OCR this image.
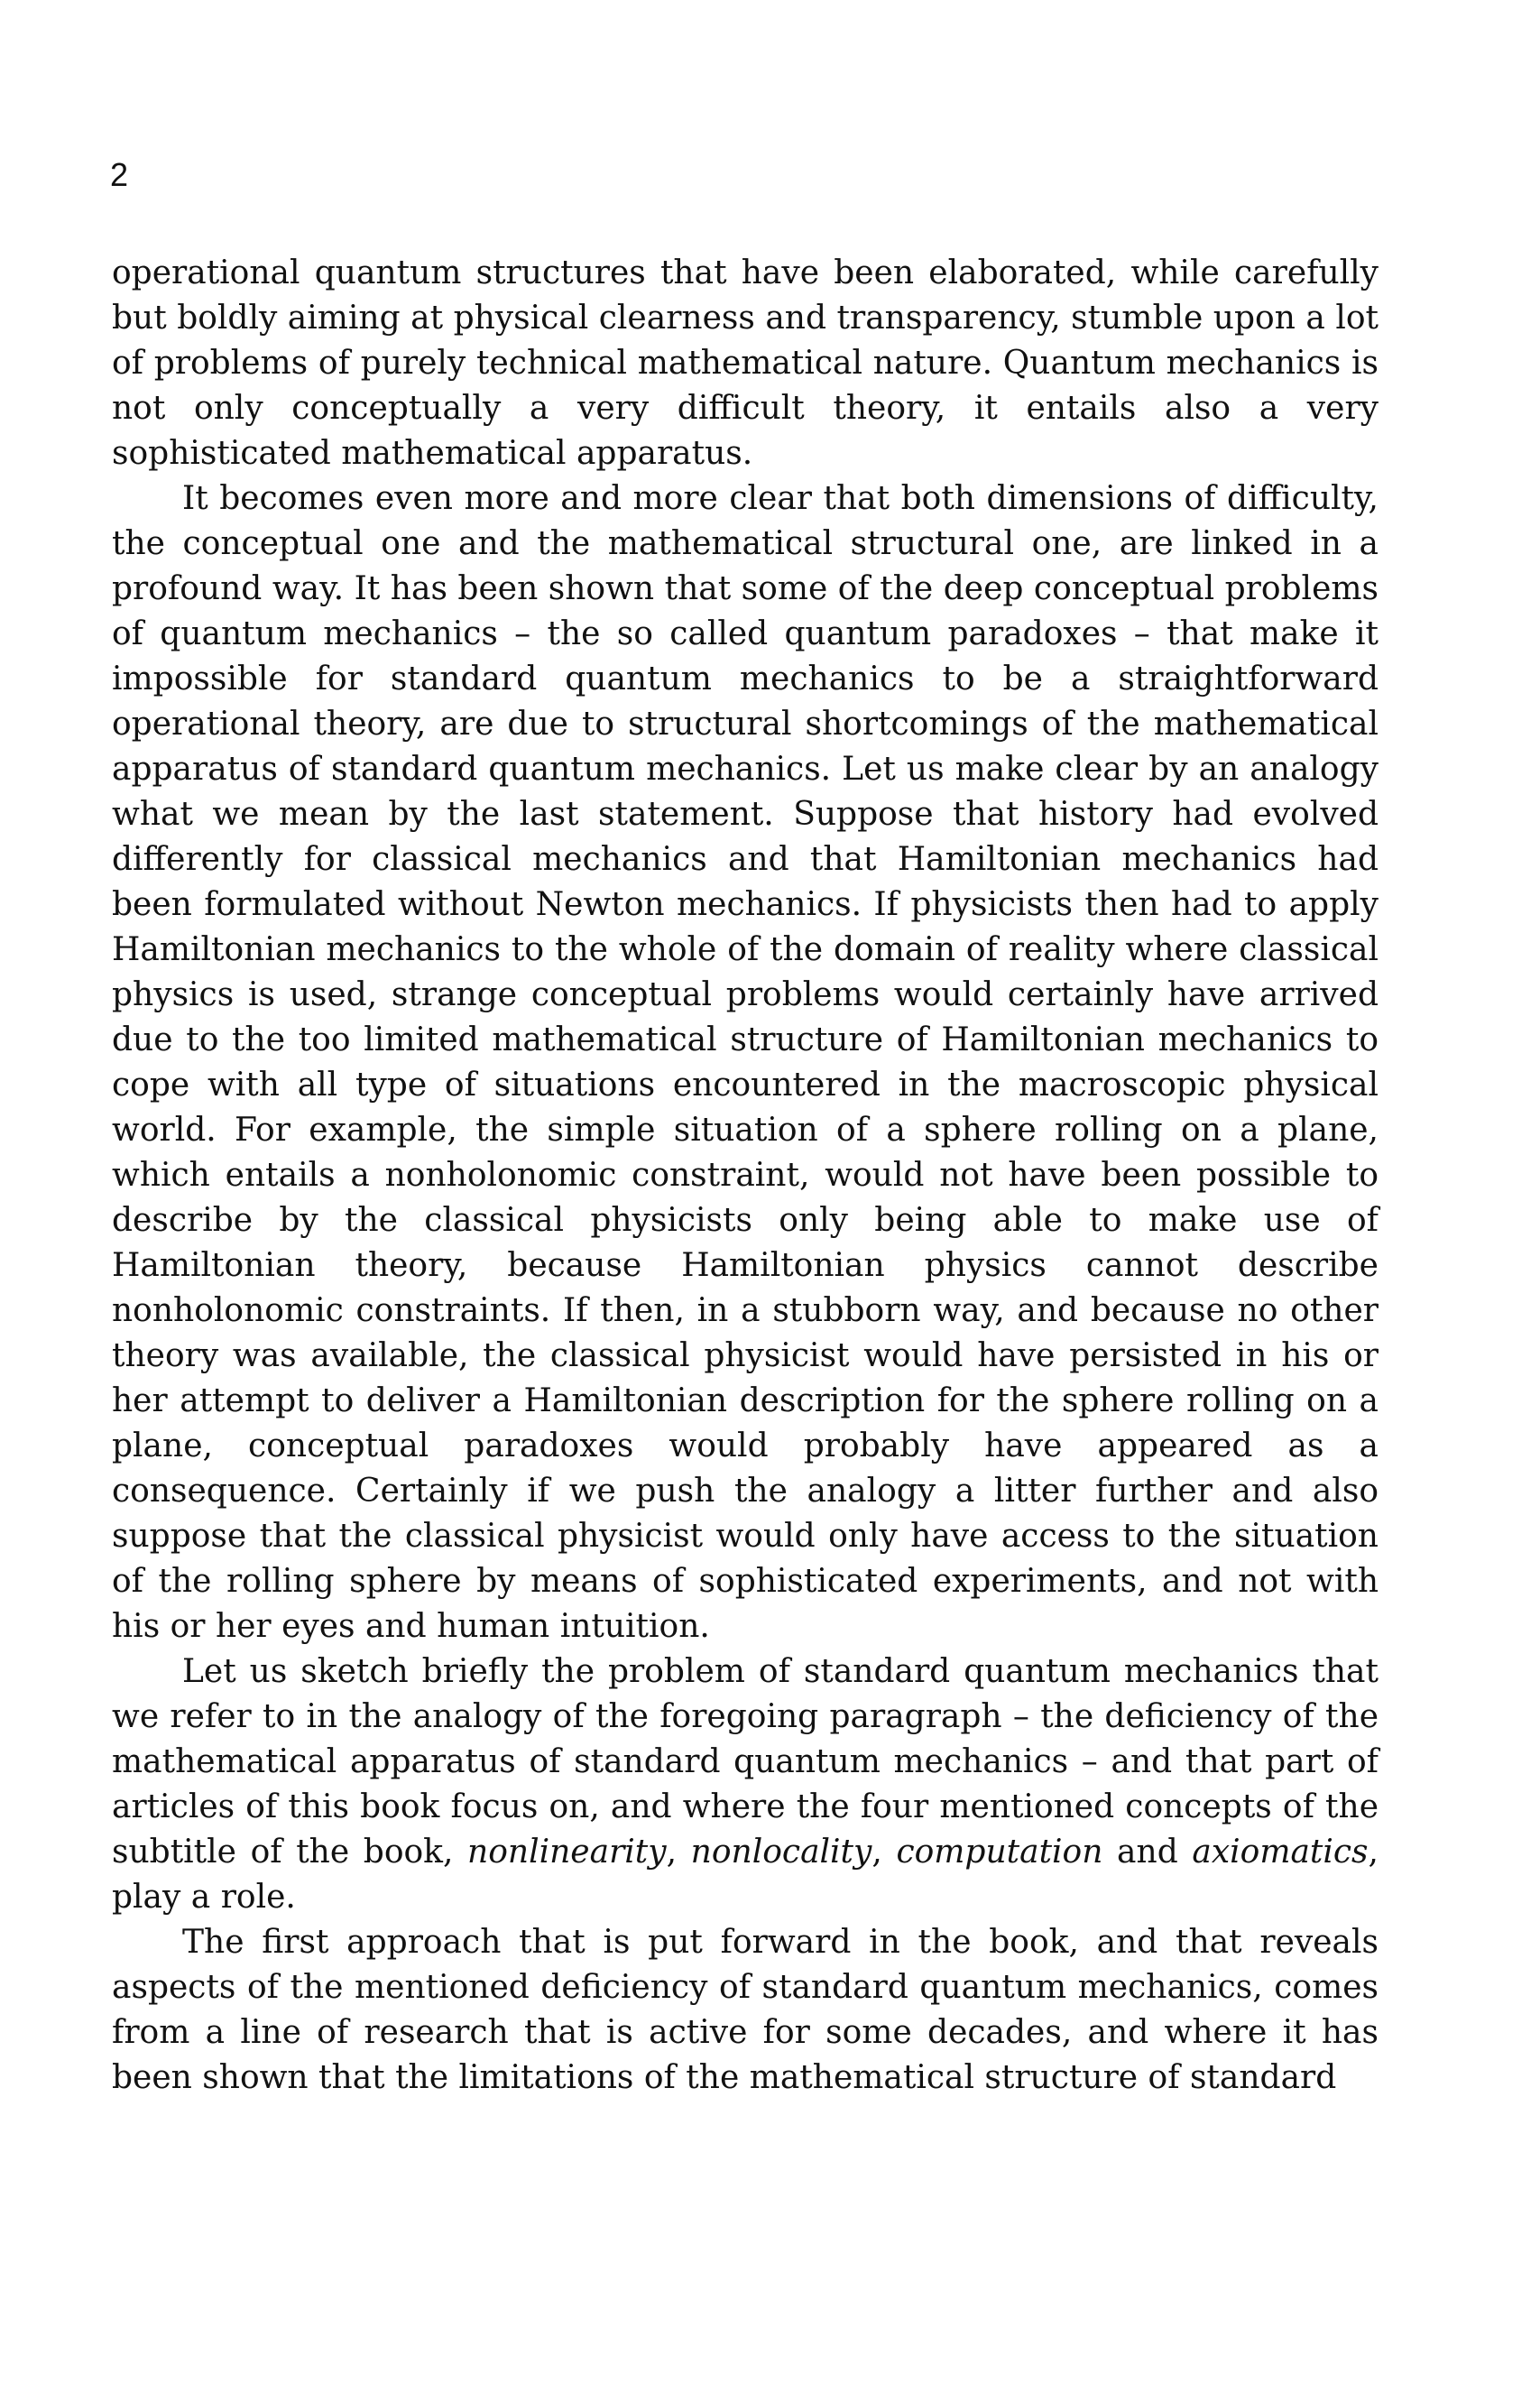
2

operational quantum structures that have been elaborated, while carefully but boldly aiming at physical clearness and transparency, stumble upon a lot of problems of purely technical mathematical nature. Quantum mechanics is not only conceptually a very difficult theory, it entails also a very sophisticated mathematical apparatus.

It becomes even more and more clear that both dimensions of difficulty, the conceptual one and the mathematical structural one, are linked in a profound way. It has been shown that some of the deep conceptual problems of quantum mechanics – the so called quantum paradoxes – that make it impossible for standard quantum mechanics to be a straightforward operational theory, are due to structural shortcomings of the mathematical apparatus of standard quantum mechanics. Let us make clear by an analogy what we mean by the last statement. Suppose that history had evolved differently for classical mechanics and that Hamiltonian mechanics had been formulated without Newton mechanics. If physicists then had to apply Hamiltonian mechanics to the whole of the domain of reality where classical physics is used, strange conceptual problems would certainly have arrived due to the too limited mathematical structure of Hamiltonian mechanics to cope with all type of situations encountered in the macroscopic physical world. For example, the simple situation of a sphere rolling on a plane, which entails a nonholonomic constraint, would not have been possible to describe by the classical physicists only being able to make use of Hamiltonian theory, because Hamiltonian physics cannot describe nonholonomic constraints. If then, in a stubborn way, and because no other theory was available, the classical physicist would have persisted in his or her attempt to deliver a Hamiltonian description for the sphere rolling on a plane, conceptual paradoxes would probably have appeared as a consequence. Certainly if we push the analogy a litter further and also suppose that the classical physicist would only have access to the situation of the rolling sphere by means of sophisticated experiments, and not with his or her eyes and human intuition.

Let us sketch briefly the problem of standard quantum mechanics that we refer to in the analogy of the foregoing paragraph – the deficiency of the mathematical apparatus of standard quantum mechanics – and that part of articles of this book focus on, and where the four mentioned concepts of the subtitle of the book, nonlinearity, nonlocality, computation and axiomatics, play a role.

The first approach that is put forward in the book, and that reveals aspects of the mentioned deficiency of standard quantum mechanics, comes from a line of research that is active for some decades, and where it has been shown that the limitations of the mathematical structure of standard
